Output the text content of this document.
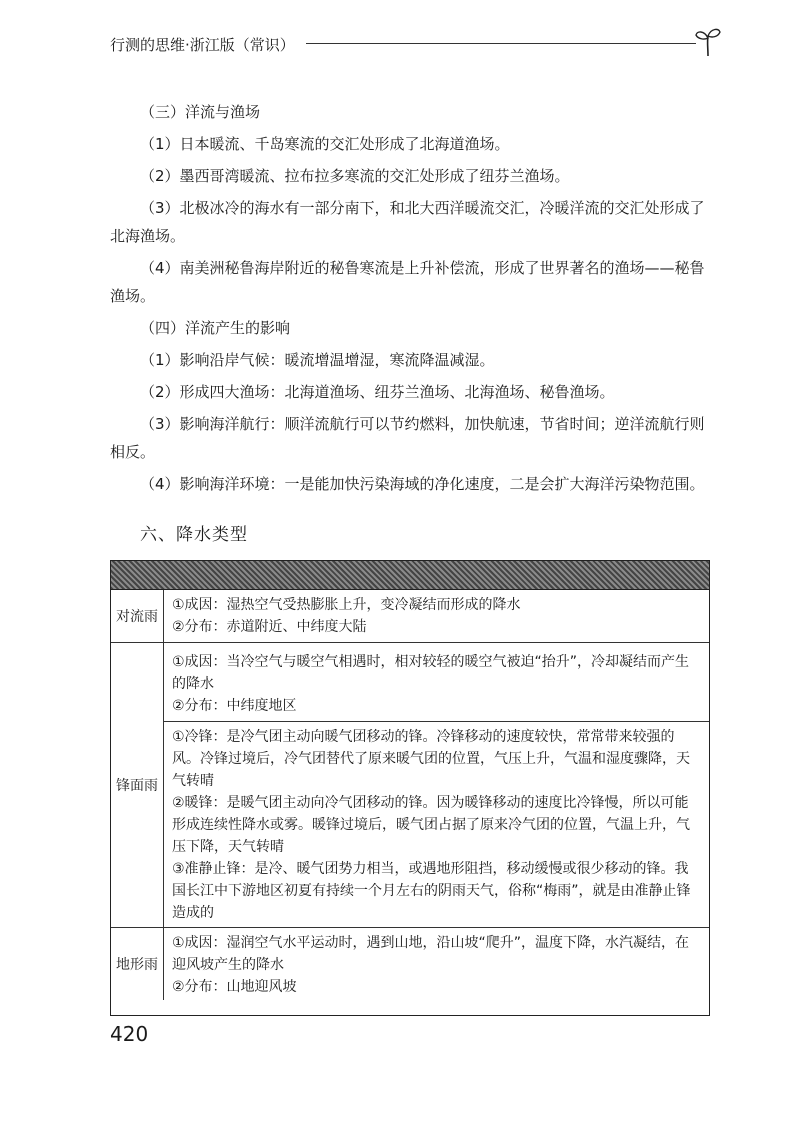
行测的思维·浙江版（常识）

（三）洋流与渔场

（1）日本暖流、千岛寒流的交汇处形成了北海道渔场。

（2）墨西哥湾暖流、拉布拉多寒流的交汇处形成了纽芬兰渔场。

（3）北极冰冷的海水有一部分南下，和北大西洋暖流交汇，冷暖洋流的交汇处形成了北海渔场。

（4）南美洲秘鲁海岸附近的秘鲁寒流是上升补偿流，形成了世界著名的渔场——秘鲁渔场。

（四）洋流产生的影响

（1）影响沿岸气候：暖流增温增湿，寒流降温减湿。

（2）形成四大渔场：北海道渔场、纽芬兰渔场、北海渔场、秘鲁渔场。

（3）影响海洋航行：顺洋流航行可以节约燃料，加快航速，节省时间；逆洋流航行则相反。

（4）影响海洋环境：一是能加快污染海域的净化速度，二是会扩大海洋污染物范围。

六、降水类型
对流雨

①成因：湿热空气受热膨胀上升，变冷凝结而形成的降水

②分布：赤道附近、中纬度大陆

锋面雨

①成因：当冷空气与暖空气相遇时，相对较轻的暖空气被迫“抬升”，冷却凝结而产生的降水

②分布：中纬度地区

①冷锋：是冷气团主动向暖气团移动的锋。冷锋移动的速度较快，常常带来较强的风。冷锋过境后，冷气团替代了原来暖气团的位置，气压上升，气温和湿度骤降，天气转晴

②暖锋：是暖气团主动向冷气团移动的锋。因为暖锋移动的速度比冷锋慢，所以可能形成连续性降水或雾。暖锋过境后，暖气团占据了原来冷气团的位置，气温上升，气压下降，天气转晴

③准静止锋：是冷、暖气团势力相当，或遇地形阻挡，移动缓慢或很少移动的锋。我国长江中下游地区初夏有持续一个月左右的阴雨天气，俗称“梅雨”，就是由准静止锋造成的

地形雨

①成因：湿润空气水平运动时，遇到山地，沿山坡“爬升”，温度下降，水汽凝结，在迎风坡产生的降水

②分布：山地迎风坡

420
